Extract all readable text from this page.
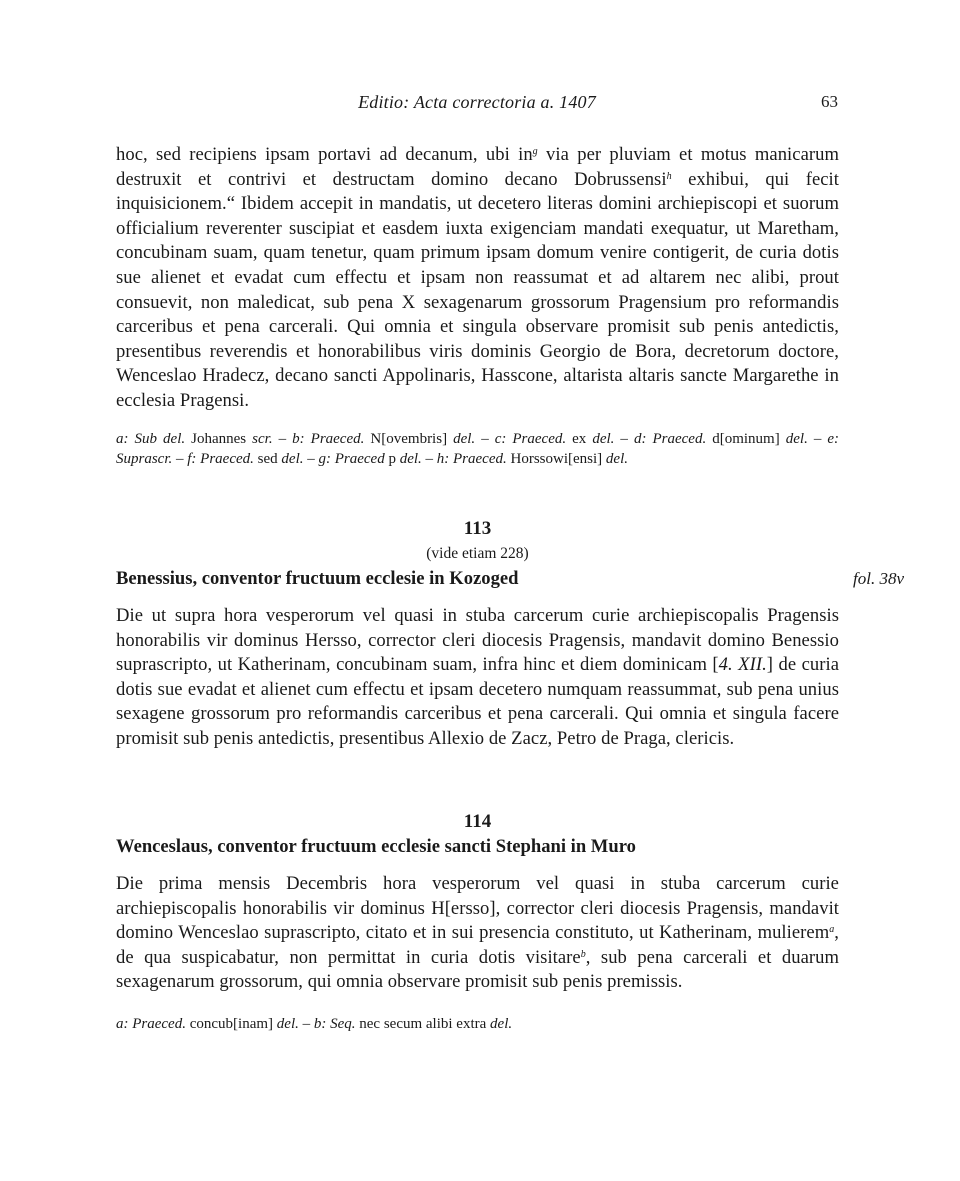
Editio: Acta correctoria a. 1407	63

hoc, sed recipiens ipsam portavi ad decanum, ubi $in^g$ via per pluviam et motus manicarum destruxit et contrivi et destructam domino decano Dobrussensi$^h$ exhibui, qui fecit inquisicionem.“ Ibidem accepit in mandatis, ut decetero literas domini archiepiscopi et suorum officialium reverenter suscipiat et easdem iuxta exigenciam mandati exequatur, ut Maretham, concubinam suam, quam tenetur, quam primum ipsam domum venire contigerit, de curia dotis sue alienet et evadat cum effectu et ipsam non reassumat et ad altarem nec alibi, prout consuevit, non maledicat, sub pena X sexagenarum grossorum Pragensium pro reformandis carceribus et pena carcerali. Qui omnia et singula observare promisit sub penis antedictis, presentibus reverendis et honorabilibus viris dominis Georgio de Bora, decretorum doctore, Wenceslao Hradecz, decano sancti Appolinaris, Hasscone, altarista altaris sancte Margarethe in ecclesia Pragensi.

a: Sub del. Johannes scr. – b: Praeced. N[ovembris] del. – c: Praeced. ex del. – d: Praeced. d[ominum] del. – e: Suprascr. – f: Praeced. sed del. – g: Praeced p del. – h: Praeced. Horssowi[ensi] del.

113
(vide etiam 228)
Benessius, conventor fructuum ecclesie in Kozoged	fol. 38v

Die ut supra hora vesperorum vel quasi in stuba carcerum curie archiepiscopalis Pragensis honorabilis vir dominus Hersso, corrector cleri diocesis Pragensis, mandavit domino Benessio suprascripto, ut Katherinam, concubinam suam, infra hinc et diem dominicam [4. XII.] de curia dotis sue evadat et alienet cum effectu et ipsam decetero numquam reassummat, sub pena unius sexagene grossorum pro reformandis carceribus et pena carcerali. Qui omnia et singula facere promisit sub penis antedictis, presentibus Allexio de Zacz, Petro de Praga, clericis.

114
Wenceslaus, conventor fructuum ecclesie sancti Stephani in Muro

Die prima mensis Decembris hora vesperorum vel quasi in stuba carcerum curie archiepiscopalis honorabilis vir dominus H[ersso], corrector cleri diocesis Pragensis, mandavit domino Wenceslao suprascripto, citato et in sui presencia constituto, ut Katherinam, mulierem$^a$, de qua suspicabatur, non permittat in curia dotis visitare$^b$, sub pena carcerali et duarum sexagenarum grossorum, qui omnia observare promisit sub penis premissis.

a: Praeced. concub[inam] del. – b: Seq. nec secum alibi extra del.
